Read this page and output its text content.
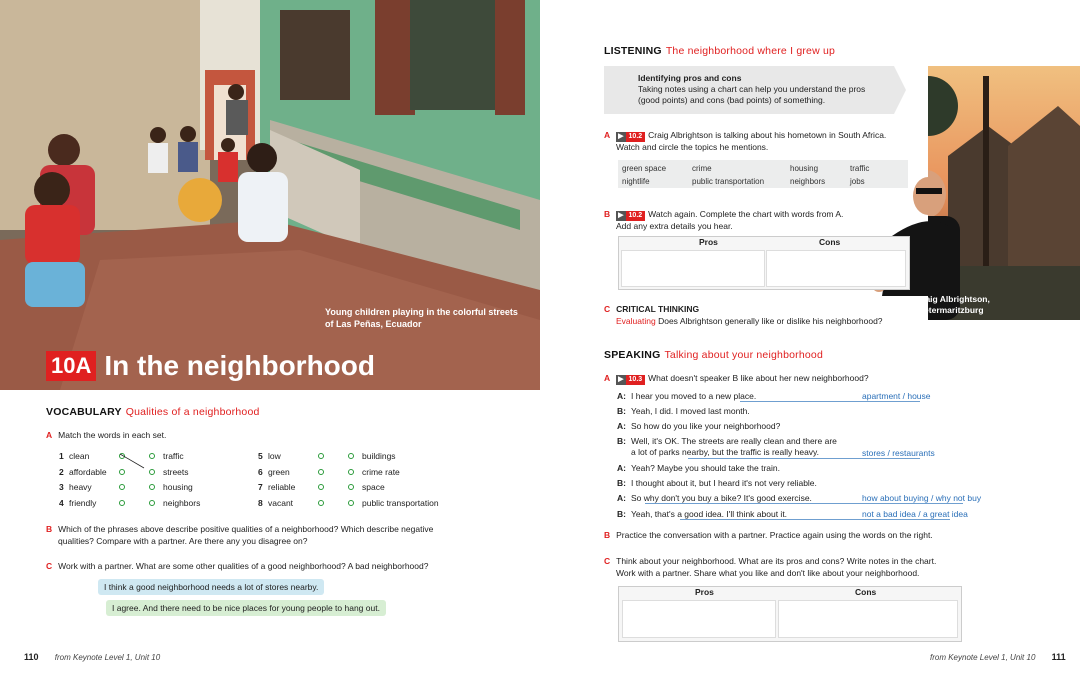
Young children playing in the colorful streets of Las Peñas, Ecuador
10A In the neighborhood
VOCABULARY Qualities of a neighborhood
A Match the words in each set.
1 clean	traffic
2 affordable	streets
3 heavy	housing
4 friendly	neighbors
5 low	buildings
6 green	crime rate
7 reliable	space
8 vacant	public transportation
B Which of the phrases above describe positive qualities of a neighborhood? Which describe negative
qualities? Compare with a partner. Are there any you disagree on?
C Work with a partner. What are some other qualities of a good neighborhood? A bad neighborhood?
I think a good neighborhood needs a lot of stores nearby.
I agree. And there need to be nice places for young people to hang out.
110 from Keynote Level 1, Unit 10
LISTENING The neighborhood where I grew up
Identifying pros and cons
Taking notes using a chart can help you understand the pros (good points) and cons (bad points) of something.
Craig Albrightson, Pietermaritzburg
A ▶ 10.2 Craig Albrightson is talking about his hometown in South Africa.
Watch and circle the topics he mentions.
green space	crime	housing	traffic
nightlife	public transportation	neighbors	jobs
B ▶ 10.2 Watch again. Complete the chart with words from A.
Add any extra details you hear.
Pros	Cons
C CRITICAL THINKING
Evaluating Does Albrightson generally like or dislike his neighborhood?
SPEAKING Talking about your neighborhood
A ▶ 10.3 What doesn't speaker B like about her new neighborhood?
A: I hear you moved to a new place.
B: Yeah, I did. I moved last month.
A: So how do you like your neighborhood?
B: Well, it's OK. The streets are really clean and there are
a lot of parks nearby, but the traffic is really heavy.
A: Yeah? Maybe you should take the train.
B: I thought about it, but I heard it's not very reliable.
A: So why don't you buy a bike? It's good exercise.
B: Yeah, that's a good idea. I'll think about it.
apartment / house
stores / restaurants
how about buying / why not buy
not a bad idea / a great idea
B Practice the conversation with a partner. Practice again using the words on the right.
C Think about your neighborhood. What are its pros and cons? Write notes in the chart.
Work with a partner. Share what you like and don't like about your neighborhood.
Pros	Cons
from Keynote Level 1, Unit 10 111
